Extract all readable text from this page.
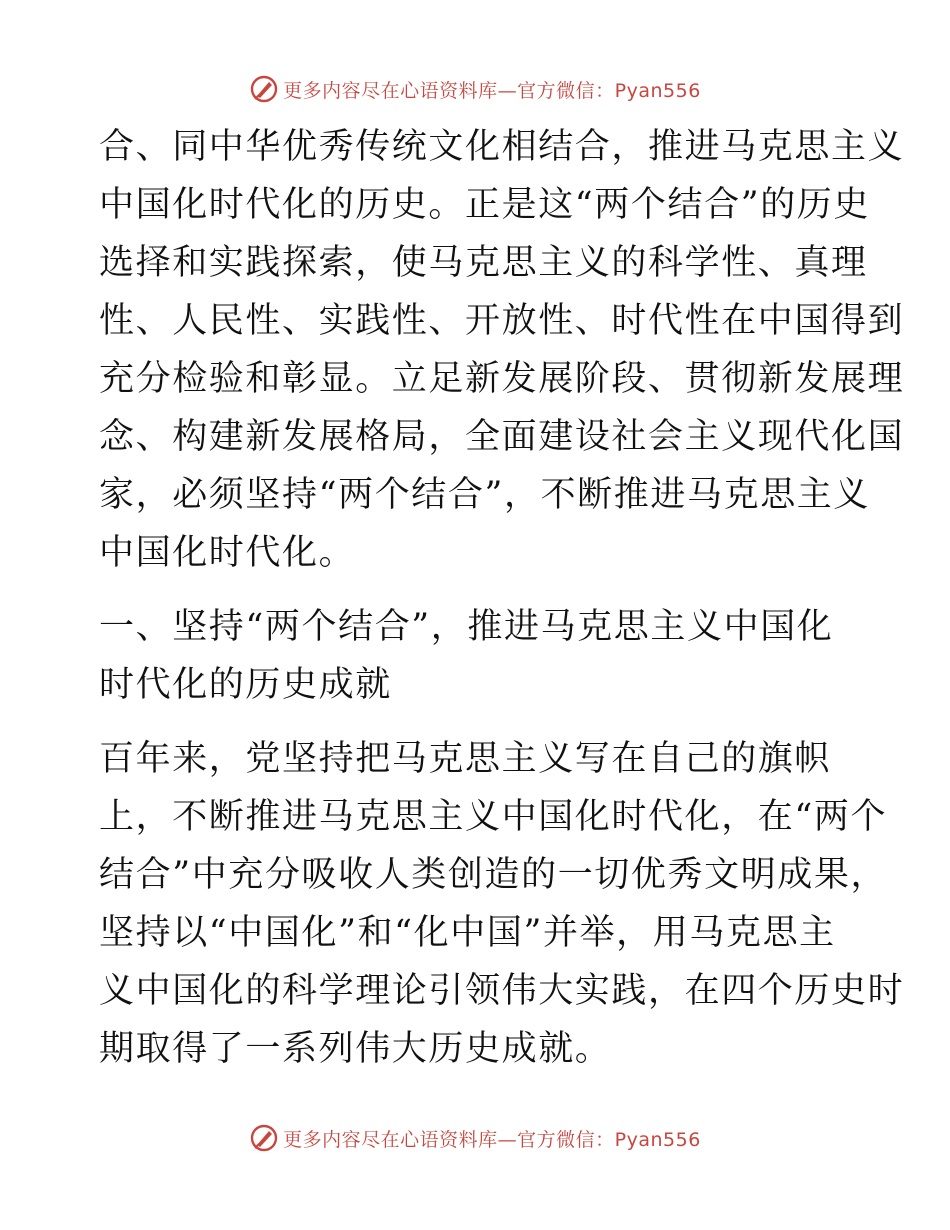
更多内容尽在心语资料库—官方微信：Pyan556
合、同中华优秀传统文化相结合，推进马克思主义
中国化时代化的历史。正是这“两个结合”的历史
选择和实践探索，使马克思主义的科学性、真理
性、人民性、实践性、开放性、时代性在中国得到
充分检验和彰显。立足新发展阶段、贯彻新发展理
念、构建新发展格局，全面建设社会主义现代化国
家，必须坚持“两个结合”，不断推进马克思主义
中国化时代化。
一、坚持“两个结合”，推进马克思主义中国化
时代化的历史成就
百年来，党坚持把马克思主义写在自己的旗帜
上，不断推进马克思主义中国化时代化，在“两个
结合”中充分吸收人类创造的一切优秀文明成果，
坚持以“中国化”和“化中国”并举，用马克思主
义中国化的科学理论引领伟大实践，在四个历史时
期取得了一系列伟大历史成就。
更多内容尽在心语资料库—官方微信：Pyan556
